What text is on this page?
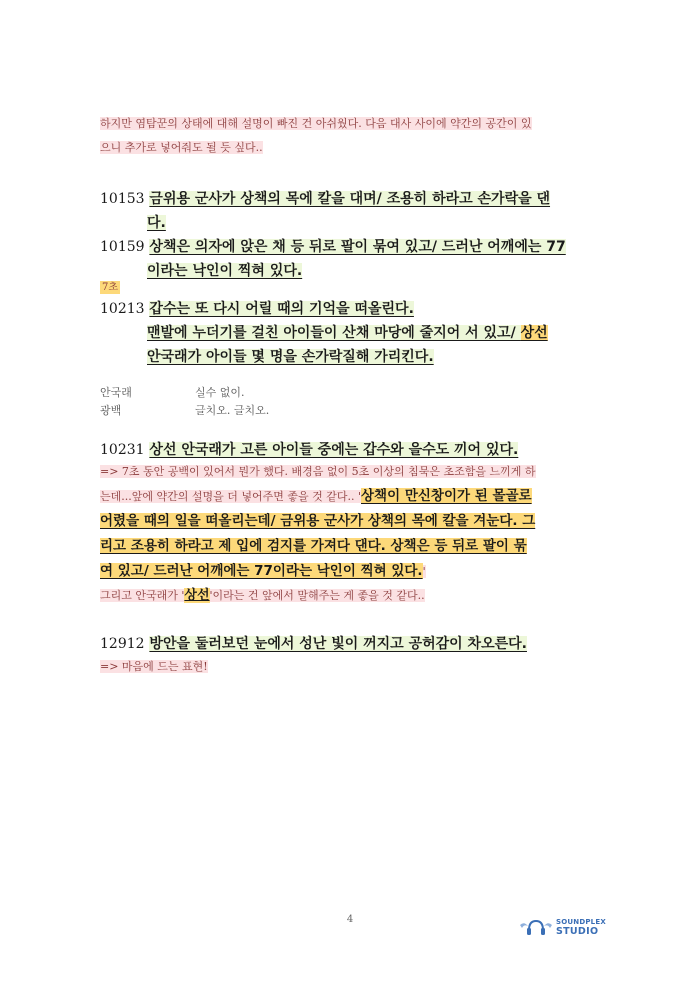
하지만 염탐꾼의 상태에 대해 설명이 빠진 건 아쉬웠다. 다음 대사 사이에 약간의 공간이 있
으니 추가로 넣어줘도 될 듯 싶다..

10153 금위용 군사가 상책의 목에 칼을 대며/ 조용히 하라고 손가락을 댄
다.

10159 상책은 의자에 앉은 채 등 뒤로 팔이 묶여 있고/ 드러난 어깨에는 77
이라는 낙인이 찍혀 있다.

7초

10213 갑수는 또 다시 어릴 때의 기억을 떠올린다.
맨발에 누더기를 걸친 아이들이 산채 마당에 줄지어 서 있고/ 상선
안국래가 아이들 몇 명을 손가락질해 가리킨다.

안국래	실수 없이.
광백	글치오. 글치오.

10231 상선 안국래가 고른 아이들 중에는 갑수와 을수도 끼어 있다.

=> 7초 동안 공백이 있어서 뭔가 했다. 배경음 없이 5초 이상의 침묵은 초조함을 느끼게 하
는데...앞에 약간의 설명을 더 넣어주면 좋을 것 같다.. '상책이 만신창이가 된 몰골로
어렸을 때의 일을 떠올리는데/ 금위용 군사가 상책의 목에 칼을 겨눈다. 그
리고 조용히 하라고 제 입에 검지를 가져다 댄다. 상책은 등 뒤로 팔이 묶
여 있고/ 드러난 어깨에는 77이라는 낙인이 찍혀 있다.'
그리고 안국래가 '상선'이라는 건 앞에서 말해주는 게 좋을 것 같다..

12912 방안을 둘러보던 눈에서 성난 빛이 꺼지고 공허감이 차오른다.

=> 마음에 드는 표현!

4	SOUNDPLEX
STUDIO
